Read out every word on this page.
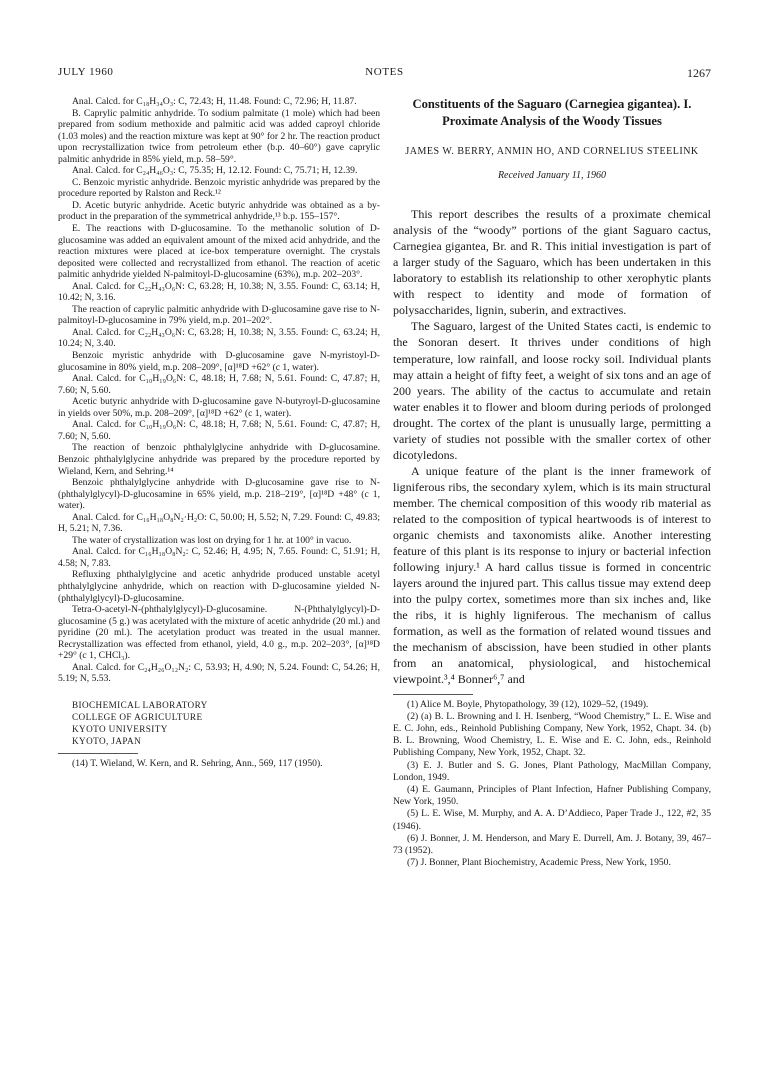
JULY 1960	NOTES	1267

Anal. Calcd. for C₁₈H₃₄O₃: C, 72.43; H, 11.48. Found: C, 72.96; H, 11.87.

B. Caprylic palmitic anhydride. To sodium palmitate (1 mole) which had been prepared from sodium methoxide and palmitic acid was added caproyl chloride (1.03 moles) and the reaction mixture was kept at 90° for 2 hr. The reaction product upon recrystallization twice from petroleum ether (b.p. 40–60°) gave caprylic palmitic anhydride in 85% yield, m.p. 58–59°.

Anal. Calcd. for C₂₄H₄₆O₃: C, 75.35; H, 12.12. Found: C, 75.71; H, 12.39.

C. Benzoic myristic anhydride. Benzoic myristic anhydride was prepared by the procedure reported by Ralston and Reck.¹²

D. Acetic butyric anhydride. Acetic butyric anhydride was obtained as a by-product in the preparation of the symmetrical anhydride,¹³ b.p. 155–157°.

E. The reactions with D-glucosamine. To the methanolic solution of D-glucosamine was added an equivalent amount of the mixed acid anhydride, and the reaction mixtures were placed at ice-box temperature overnight. The crystals deposited were collected and recrystallized from ethanol. The reaction of acetic palmitic anhydride yielded N-palmitoyl-D-glucosamine (63%), m.p. 202–203°.

Anal. Calcd. for C₂₂H₄₃O₆N: C, 63.28; H, 10.38; N, 3.55. Found: C, 63.14; H, 10.42; N, 3.16.

The reaction of caprylic palmitic anhydride with D-glucosamine gave rise to N-palmitoyl-D-glucosamine in 79% yield, m.p. 201–202°.

Anal. Calcd. for C₂₂H₄₃O₆N: C, 63.28; H, 10.38; N, 3.55. Found: C, 63.24; H, 10.24; N, 3.40.

Benzoic myristic anhydride with D-glucosamine gave N-myristoyl-D-glucosamine in 80% yield, m.p. 208–209°, [α]¹⁸D +62° (c 1, water).

Anal. Calcd. for C₁₀H₁₉O₆N: C, 48.18; H, 7.68; N, 5.61. Found: C, 47.87; H, 7.60; N, 5.60.

Acetic butyric anhydride with D-glucosamine gave N-butyroyl-D-glucosamine in yields over 50%, m.p. 208–209°, [α]¹⁸D +62° (c 1, water).

Anal. Calcd. for C₁₀H₁₉O₆N: C, 48.18; H, 7.68; N, 5.61. Found: C, 47.87; H, 7.60; N, 5.60.

The reaction of benzoic phthalylglycine anhydride with D-glucosamine. Benzoic phthalylglycine anhydride was prepared by the procedure reported by Wieland, Kern, and Sehring.¹⁴

Benzoic phthalylglycine anhydride with D-glucosamine gave rise to N-(phthalylglycyl)-D-glucosamine in 65% yield, m.p. 218–219°, [α]¹⁸D +48° (c 1, water).

Anal. Calcd. for C₁₆H₁₈O₈N₂·H₂O: C, 50.00; H, 5.52; N, 7.29. Found: C, 49.83; H, 5.21; N, 7.36.

The water of crystallization was lost on drying for 1 hr. at 100° in vacuo.

Anal. Calcd. for C₁₆H₁₈O₈N₂: C, 52.46; H, 4.95; N, 7.65. Found: C, 51.91; H, 4.58; N, 7.83.

Refluxing phthalylglycine and acetic anhydride produced unstable acetyl phthalylglycine anhydride, which on reaction with D-glucosamine yielded N-(phthalylglycyl)-D-glucosamine.

Tetra-O-acetyl-N-(phthalylglycyl)-D-glucosamine. N-(Phthalylglycyl)-D-glucosamine (5 g.) was acetylated with the mixture of acetic anhydride (20 ml.) and pyridine (20 ml.). The acetylation product was treated in the usual manner. Recrystallization was effected from ethanol, yield, 4.0 g., m.p. 202–203°, [α]¹⁸D +29° (c 1, CHCl₃).

Anal. Calcd. for C₂₄H₂₆O₁₂N₂: C, 53.93; H, 4.90; N, 5.24. Found: C, 54.26; H, 5.19; N, 5.53.

BIOCHEMICAL LABORATORY
COLLEGE OF AGRICULTURE
KYOTO UNIVERSITY
KYOTO, JAPAN

(14) T. Wieland, W. Kern, and R. Sehring, Ann., 569, 117 (1950).

Constituents of the Saguaro (Carnegiea gigantea). I. Proximate Analysis of the Woody Tissues

JAMES W. BERRY, ANMIN HO, AND CORNELIUS STEELINK

Received January 11, 1960

This report describes the results of a proximate chemical analysis of the “woody” portions of the giant Saguaro cactus, Carnegiea gigantea, Br. and R. This initial investigation is part of a larger study of the Saguaro, which has been undertaken in this laboratory to establish its relationship to other xerophytic plants with respect to identity and mode of formation of polysaccharides, lignin, suberin, and extractives.

The Saguaro, largest of the United States cacti, is endemic to the Sonoran desert. It thrives under conditions of high temperature, low rainfall, and loose rocky soil. Individual plants may attain a height of fifty feet, a weight of six tons and an age of 200 years. The ability of the cactus to accumulate and retain water enables it to flower and bloom during periods of prolonged drought. The cortex of the plant is unusually large, permitting a variety of studies not possible with the smaller cortex of other dicotyledons.

A unique feature of the plant is the inner framework of ligniferous ribs, the secondary xylem, which is its main structural member. The chemical composition of this woody rib material as related to the composition of typical heartwoods is of interest to organic chemists and taxonomists alike. Another interesting feature of this plant is its response to injury or bacterial infection following injury.¹ A hard callus tissue is formed in concentric layers around the injured part. This callus tissue may extend deep into the pulpy cortex, sometimes more than six inches and, like the ribs, it is highly ligniferous. The mechanism of callus formation, as well as the formation of related wound tissues and the mechanism of abscission, have been studied in other plants from an anatomical, physiological, and histochemical viewpoint.³,⁴ Bonner⁶,⁷ and

(1) Alice M. Boyle, Phytopathology, 39 (12), 1029–52, (1949).

(2) (a) B. L. Browning and I. H. Isenberg, “Wood Chemistry,” L. E. Wise and E. C. John, eds., Reinhold Publishing Company, New York, 1952, Chapt. 34. (b) B. L. Browning, Wood Chemistry, L. E. Wise and E. C. John, eds., Reinhold Publishing Company, New York, 1952, Chapt. 32.

(3) E. J. Butler and S. G. Jones, Plant Pathology, MacMillan Company, London, 1949.

(4) E. Gaumann, Principles of Plant Infection, Hafner Publishing Company, New York, 1950.

(5) L. E. Wise, M. Murphy, and A. A. D’Addieco, Paper Trade J., 122, #2, 35 (1946).

(6) J. Bonner, J. M. Henderson, and Mary E. Durrell, Am. J. Botany, 39, 467–73 (1952).

(7) J. Bonner, Plant Biochemistry, Academic Press, New York, 1950.
